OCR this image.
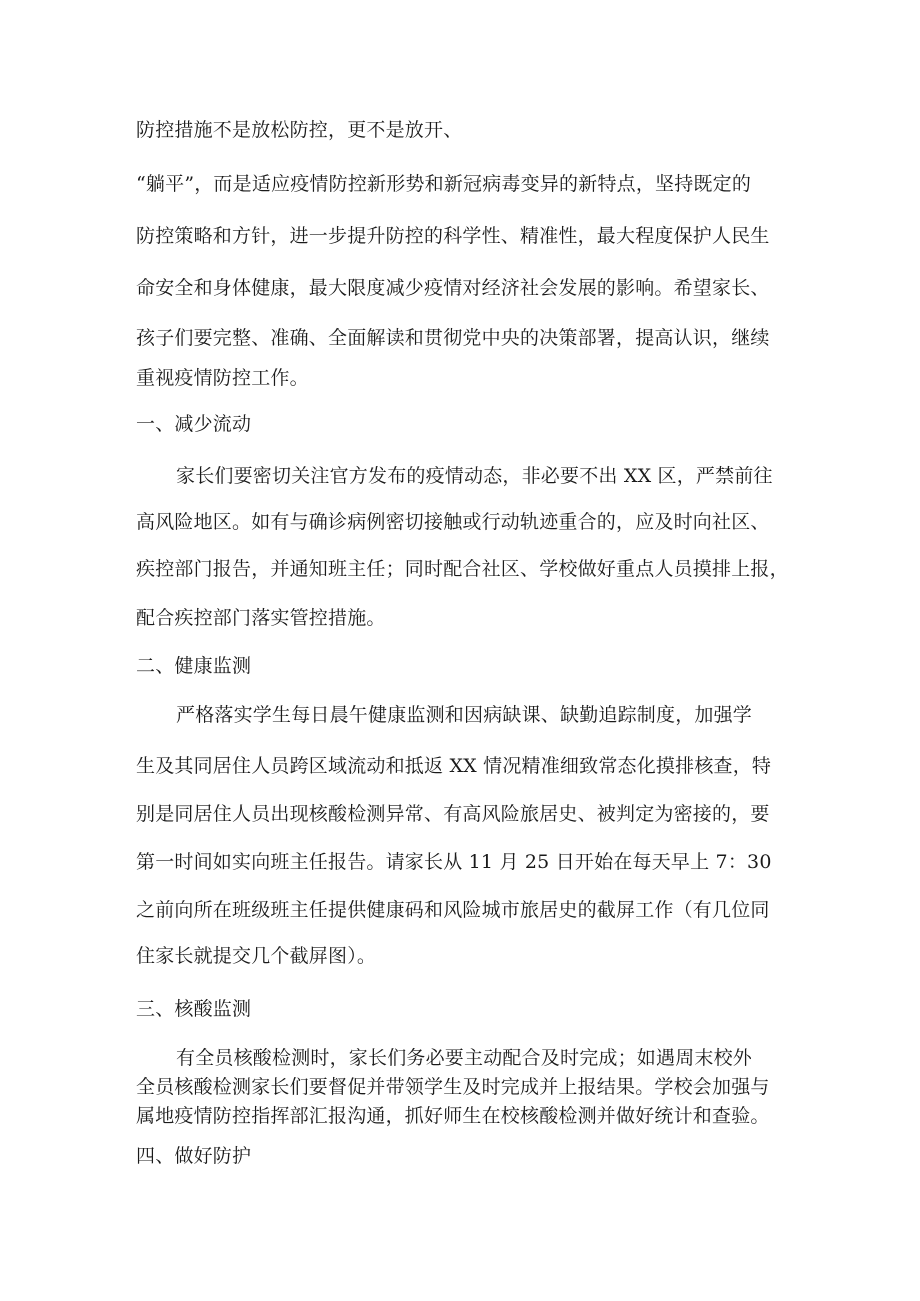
防控措施不是放松防控，更不是放开、
“躺平”，而是适应疫情防控新形势和新冠病毒变异的新特点，坚持既定的
防控策略和方针，进一步提升防控的科学性、精准性，最大程度保护人民生
命安全和身体健康，最大限度减少疫情对经济社会发展的影响。希望家长、
孩子们要完整、准确、全面解读和贯彻党中央的决策部署，提高认识，继续
重视疫情防控工作。
一、减少流动
家长们要密切关注官方发布的疫情动态，非必要不出 XX 区，严禁前往
高风险地区。如有与确诊病例密切接触或行动轨迹重合的，应及时向社区、
疾控部门报告，并通知班主任；同时配合社区、学校做好重点人员摸排上报，
配合疾控部门落实管控措施。
二、健康监测
严格落实学生每日晨午健康监测和因病缺课、缺勤追踪制度，加强学
生及其同居住人员跨区域流动和抵返 XX 情况精准细致常态化摸排核查，特
别是同居住人员出现核酸检测异常、有高风险旅居史、被判定为密接的，要
第一时间如实向班主任报告。请家长从 11 月 25 日开始在每天早上 7：30
之前向所在班级班主任提供健康码和风险城市旅居史的截屏工作（有几位同
住家长就提交几个截屏图）。
三、核酸监测
有全员核酸检测时，家长们务必要主动配合及时完成；如遇周末校外
全员核酸检测家长们要督促并带领学生及时完成并上报结果。学校会加强与
属地疫情防控指挥部汇报沟通，抓好师生在校核酸检测并做好统计和查验。
四、做好防护
